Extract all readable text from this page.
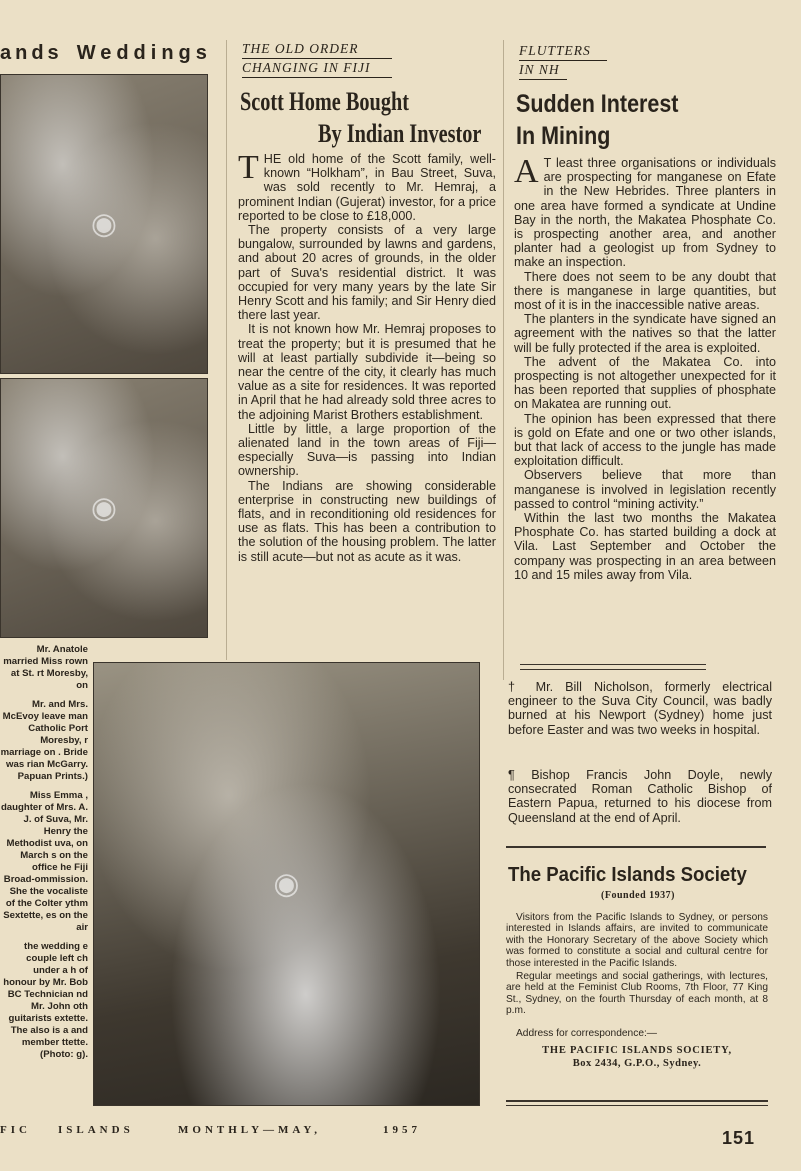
ands Weddings
◉
◉

Mr. Anatole married Miss rown at St. rt Moresby, on

Mr. and Mrs. McEvoy leave man Catholic Port Moresby, r marriage on . Bride was rian McGarry. Papuan Prints.)

Miss Emma , daughter of Mrs. A. J. of Suva, Mr. Henry the Methodist uva, on March s on the office he Fiji Broad-ommission. She the vocaliste of the Colter ythm Sextette, es on the air

the wedding e couple left ch under a h of honour by Mr. Bob BC Technician nd Mr. John oth guitarists extette. The also is a and member ttette. (Photo: g).

◉
THE OLD ORDER
CHANGING IN FIJI
Scott Home Bought
By Indian Investor

THE old home of the Scott family, well-known “Holkham”, in Bau Street, Suva, was sold recently to Mr. Hemraj, a prominent Indian (Gujerat) investor, for a price reported to be close to £18,000.

The property consists of a very large bungalow, surrounded by lawns and gardens, and about 20 acres of grounds, in the older part of Suva's residential district. It was occupied for very many years by the late Sir Henry Scott and his family; and Sir Henry died there last year.

It is not known how Mr. Hemraj proposes to treat the property; but it is presumed that he will at least partially subdivide it—being so near the centre of the city, it clearly has much value as a site for residences. It was reported in April that he had already sold three acres to the adjoining Marist Brothers establishment.

Little by little, a large proportion of the alienated land in the town areas of Fiji—especially Suva—is passing into Indian ownership.

The Indians are showing considerable enterprise in constructing new buildings of flats, and in reconditioning old residences for use as flats. This has been a contribution to the solution of the housing problem. The latter is still acute—but not as acute as it was.

FLUTTERS
IN NH
Sudden Interest
In Mining

A T least three organisations or individuals are prospecting for manganese on Efate in the New Hebrides. Three planters in one area have formed a syndicate at Undine Bay in the north, the Makatea Phosphate Co. is prospecting another area, and another planter had a geologist up from Sydney to make an inspection.

There does not seem to be any doubt that there is manganese in large quantities, but most of it is in the inaccessible native areas.

The planters in the syndicate have signed an agreement with the natives so that the latter will be fully protected if the area is exploited.

The advent of the Makatea Co. into prospecting is not altogether unexpected for it has been reported that supplies of phosphate on Makatea are running out.

The opinion has been expressed that there is gold on Efate and one or two other islands, but that lack of access to the jungle has made exploitation difficult.

Observers believe that more than manganese is involved in legislation recently passed to control “mining activity.”

Within the last two months the Makatea Phosphate Co. has started building a dock at Vila. Last September and October the company was prospecting in an area between 10 and 15 miles away from Vila.

† Mr. Bill Nicholson, formerly electrical engineer to the Suva City Council, was badly burned at his Newport (Sydney) home just before Easter and was two weeks in hospital.
¶ Bishop Francis John Doyle, newly consecrated Roman Catholic Bishop of Eastern Papua, returned to his diocese from Queensland at the end of April.
The Pacific Islands Society
(Founded 1937)

Visitors from the Pacific Islands to Sydney, or persons interested in Islands affairs, are invited to communicate with the Honorary Secretary of the above Society which was formed to constitute a social and cultural centre for those interested in the Pacific Islands.

Regular meetings and social gatherings, with lectures, are held at the Feminist Club Rooms, 7th Floor, 77 King St., Sydney, on the fourth Thursday of each month, at 8 p.m.

Address for correspondence:—
THE PACIFIC ISLANDS SOCIETY,
Box 2434, G.P.O., Sydney.
FIC ISLANDS	MONTHLY—MAY,	1957	151
